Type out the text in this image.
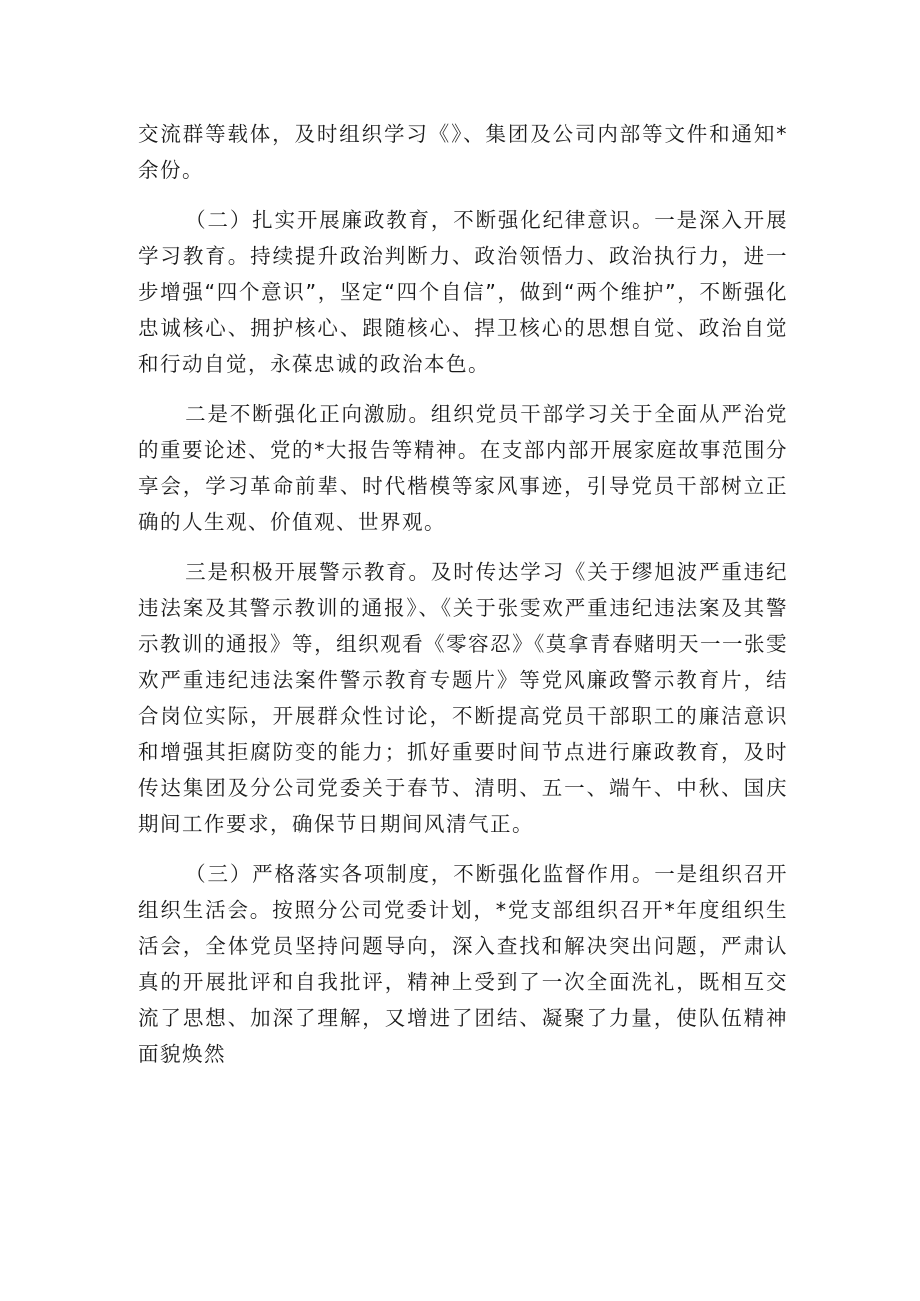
交流群等载体，及时组织学习《》、集团及公司内部等文件和通知*余份。

（二）扎实开展廉政教育，不断强化纪律意识。一是深入开展学习教育。持续提升政治判断力、政治领悟力、政治执行力，进一步增强“四个意识”，坚定“四个自信”，做到“两个维护”，不断强化忠诚核心、拥护核心、跟随核心、捍卫核心的思想自觉、政治自觉和行动自觉，永葆忠诚的政治本色。

二是不断强化正向激励。组织党员干部学习关于全面从严治党的重要论述、党的*大报告等精神。在支部内部开展家庭故事范围分享会，学习革命前辈、时代楷模等家风事迹，引导党员干部树立正确的人生观、价值观、世界观。

三是积极开展警示教育。及时传达学习《关于缪旭波严重违纪违法案及其警示教训的通报》、《关于张雯欢严重违纪违法案及其警示教训的通报》等，组织观看《零容忍》《莫拿青春赌明天一一张雯欢严重违纪违法案件警示教育专题片》等党风廉政警示教育片，结合岗位实际，开展群众性讨论，不断提高党员干部职工的廉洁意识和增强其拒腐防变的能力；抓好重要时间节点进行廉政教育，及时传达集团及分公司党委关于春节、清明、五一、端午、中秋、国庆期间工作要求，确保节日期间风清气正。

（三）严格落实各项制度，不断强化监督作用。一是组织召开组织生活会。按照分公司党委计划，*党支部组织召开*年度组织生活会，全体党员坚持问题导向，深入查找和解决突出问题，严肃认真的开展批评和自我批评，精神上受到了一次全面洗礼，既相互交流了思想、加深了理解，又增进了团结、凝聚了力量，使队伍精神面貌焕然
